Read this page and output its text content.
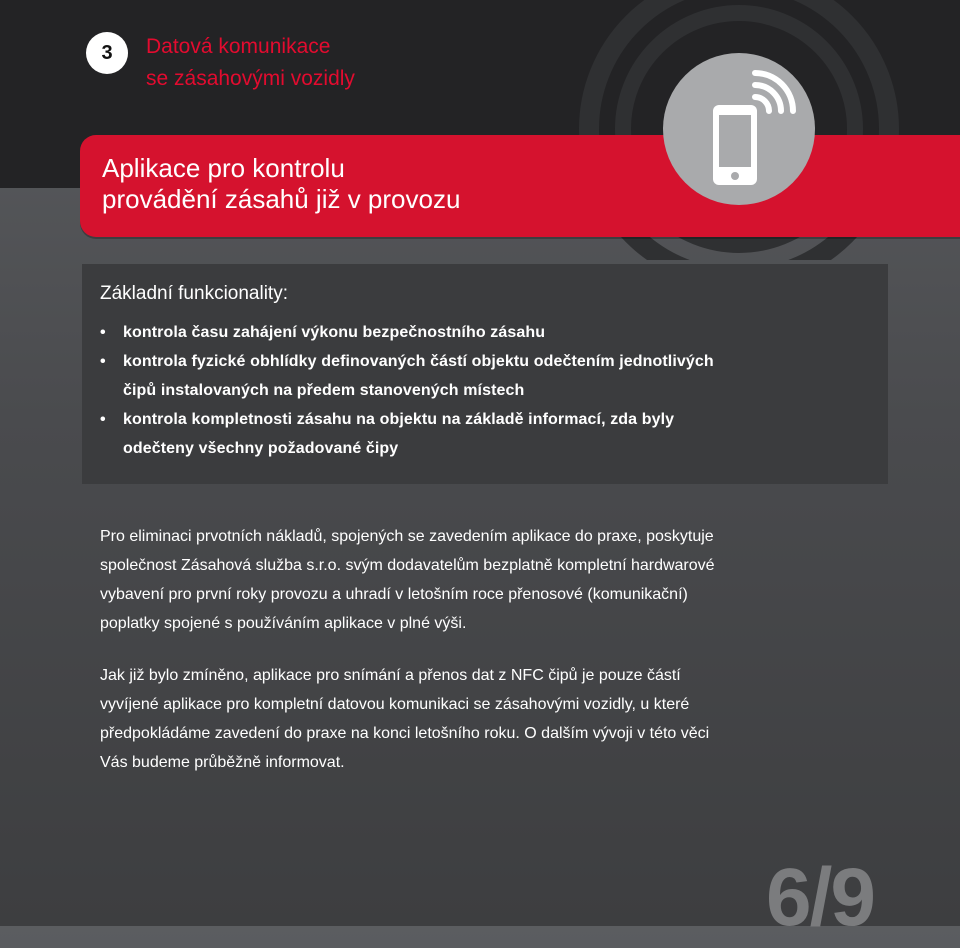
3	Datová komunikace
se zásahovými vozidly
Aplikace pro kontrolu
provádění zásahů již v provozu
Základní funkcionality:
• kontrola času zahájení výkonu bezpečnostního zásahu
• kontrola fyzické obhlídky definovaných částí objektu odečtením jednotlivých
čipů instalovaných na předem stanovených místech
• kontrola kompletnosti zásahu na objektu na základě informací, zda byly
odečteny všechny požadované čipy

Pro eliminaci prvotních nákladů, spojených se zavedením aplikace do praxe, poskytuje
společnost Zásahová služba s.r.o. svým dodavatelům bezplatně kompletní hardwarové
vybavení pro první roky provozu a uhradí v letošním roce přenosové (komunikační)
poplatky spojené s používáním aplikace v plné výši.

Jak již bylo zmíněno, aplikace pro snímání a přenos dat z NFC čipů je pouze částí
vyvíjené aplikace pro kompletní datovou komunikaci se zásahovými vozidly, u které
předpokládáme zavedení do praxe na konci letošního roku. O dalším vývoji v této věci
Vás budeme průběžně informovat.

6/9
